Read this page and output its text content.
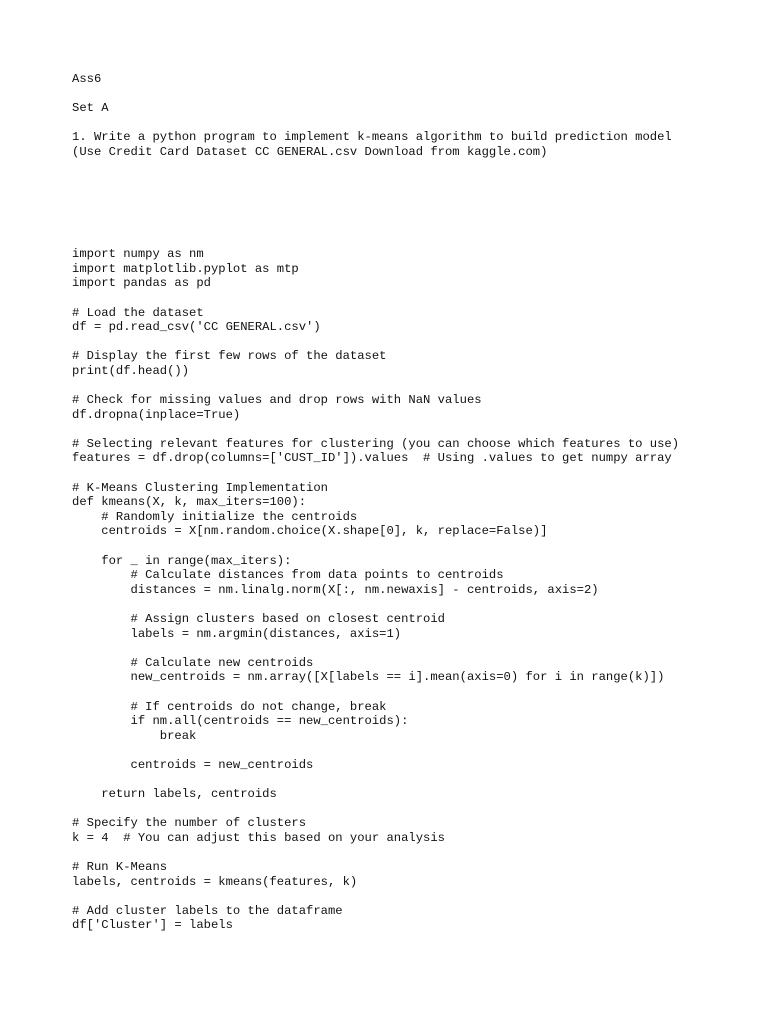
Ass6
Set A
1. Write a python program to implement k-means algorithm to build prediction model
(Use Credit Card Dataset CC GENERAL.csv Download from kaggle.com)
import numpy as nm
import matplotlib.pyplot as mtp
import pandas as pd
# Load the dataset
df = pd.read_csv('CC GENERAL.csv')
# Display the first few rows of the dataset
print(df.head())
# Check for missing values and drop rows with NaN values
df.dropna(inplace=True)
# Selecting relevant features for clustering (you can choose which features to use)
features = df.drop(columns=['CUST_ID']).values  # Using .values to get numpy array
# K-Means Clustering Implementation
def kmeans(X, k, max_iters=100):
# Randomly initialize the centroids
centroids = X[nm.random.choice(X.shape[0], k, replace=False)]
for _ in range(max_iters):
# Calculate distances from data points to centroids
distances = nm.linalg.norm(X[:, nm.newaxis] - centroids, axis=2)
# Assign clusters based on closest centroid
labels = nm.argmin(distances, axis=1)
# Calculate new centroids
new_centroids = nm.array([X[labels == i].mean(axis=0) for i in range(k)])
# If centroids do not change, break
if nm.all(centroids == new_centroids):
break
centroids = new_centroids
return labels, centroids
# Specify the number of clusters
k = 4  # You can adjust this based on your analysis
# Run K-Means
labels, centroids = kmeans(features, k)
# Add cluster labels to the dataframe
df['Cluster'] = labels
